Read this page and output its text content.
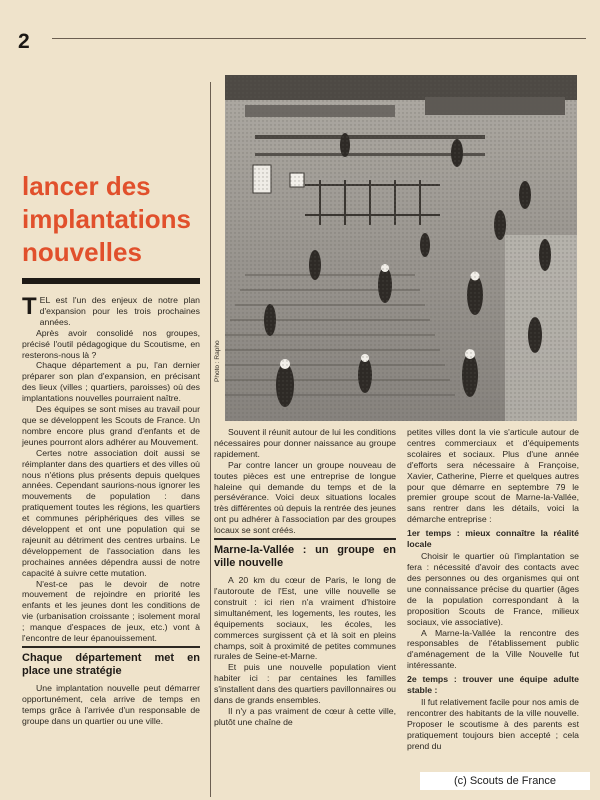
2
lancer des
implantations
nouvelles

TEL est l'un des enjeux de notre plan d'expansion pour les trois prochaines années.

Après avoir consolidé nos groupes, précisé l'outil pédagogique du Scoutisme, en resterons-nous là ?

Chaque département a pu, l'an dernier préparer son plan d'expansion, en précisant des lieux (villes ; quartiers, paroisses) où des implantations nouvelles pourraient naître.

Des équipes se sont mises au travail pour que se développent les Scouts de France. Un nombre encore plus grand d'enfants et de jeunes pourront alors adhérer au Mouvement.

Certes notre association doit aussi se réimplanter dans des quartiers et des villes où nous n'étions plus présents depuis quelques années. Cependant saurions-nous ignorer les mouvements de population : dans pratiquement toutes les régions, les quartiers et communes périphériques des villes se développent et ont une population qui se rajeunit au détriment des centres urbains. Le développement de l'association dans les prochaines années dépendra aussi de notre capacité à suivre cette mutation.

N'est-ce pas le devoir de notre mouvement de rejoindre en priorité les enfants et les jeunes dont les conditions de vie (urbanisation croissante ; isolement moral ; manque d'espaces de jeux, etc.) vont à l'encontre de leur épanouissement.

Chaque département met en place une stratégie

Une implantation nouvelle peut démarrer opportunément, cela arrive de temps en temps grâce à l'arrivée d'un responsable de groupe dans un quartier ou une ville.

Photo : Rapho

Souvent il réunit autour de lui les conditions nécessaires pour donner naissance au groupe rapidement.

Par contre lancer un groupe nouveau de toutes pièces est une entreprise de longue haleine qui demande du temps et de la persévérance. Voici deux situations locales très différentes où depuis la rentrée des jeunes ont pu adhérer à l'association par des groupes locaux se sont créés.

Marne-la-Vallée : un groupe en ville nouvelle

A 20 km du cœur de Paris, le long de l'autoroute de l'Est, une ville nouvelle se construit : ici rien n'a vraiment d'histoire simultanément, les logements, les routes, les équipements sociaux, les écoles, les commerces surgissent çà et là soit en pleins champs, soit à proximité de petites communes rurales de Seine-et-Marne.

Et puis une nouvelle population vient habiter ici : par centaines les familles s'installent dans des quartiers pavillonnaires ou dans de grands ensembles.

Il n'y a pas vraiment de cœur à cette ville, plutôt une chaîne de

petites villes dont la vie s'articule autour de centres commerciaux et d'équipements scolaires et sociaux. Plus d'une année d'efforts sera nécessaire à Françoise, Xavier, Catherine, Pierre et quelques autres pour que démarre en septembre 79 le premier groupe scout de Marne-la-Vallée, sans rentrer dans les détails, voici la démarche entreprise :

1er temps : mieux connaître la réalité locale

Choisir le quartier où l'implantation se fera : nécessité d'avoir des contacts avec des personnes ou des organismes qui ont une connaissance précise du quartier (âges de la population correspondant à la proposition Scouts de France, milieux sociaux, vie associative).

A Marne-la-Vallée la rencontre des responsables de l'établissement public d'aménagement de la Ville Nouvelle fut intéressante.

2e temps : trouver une équipe adulte stable :

Il fut relativement facile pour nos amis de rencontrer des habitants de la ville nouvelle. Proposer le scoutisme à des parents est pratiquement toujours bien accepté ; cela prend du

(c) Scouts de France
